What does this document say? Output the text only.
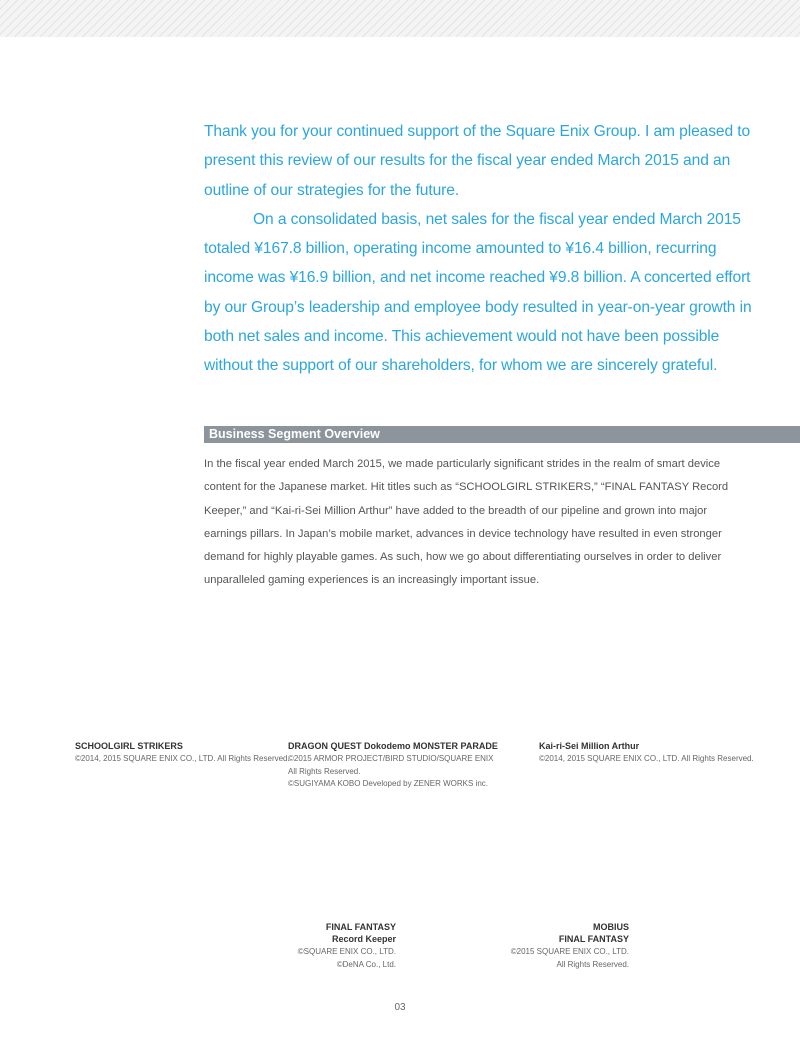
Thank you for your continued support of the Square Enix Group. I am pleased to present this review of our results for the fiscal year ended March 2015 and an outline of our strategies for the future.

On a consolidated basis, net sales for the fiscal year ended March 2015 totaled ¥167.8 billion, operating income amounted to ¥16.4 billion, recurring income was ¥16.9 billion, and net income reached ¥9.8 billion. A concerted effort by our Group’s leadership and employee body resulted in year-on-year growth in both net sales and income. This achievement would not have been possible without the support of our shareholders, for whom we are sincerely grateful.

Business Segment Overview

In the fiscal year ended March 2015, we made particularly significant strides in the realm of smart device content for the Japanese market. Hit titles such as “SCHOOLGIRL STRIKERS,” “FINAL FANTASY Record Keeper,” and “Kai-ri-Sei Million Arthur” have added to the breadth of our pipeline and grown into major earnings pillars. In Japan’s mobile market, advances in device technology have resulted in even stronger demand for highly playable games. As such, how we go about differentiating ourselves in order to deliver unparalleled gaming experiences is an increasingly important issue.

SCHOOLGIRL STRIKERS
©2014, 2015 SQUARE ENIX CO., LTD. All Rights Reserved.
DRAGON QUEST Dokodemo MONSTER PARADE
©2015 ARMOR PROJECT/BIRD STUDIO/SQUARE ENIX
All Rights Reserved.
©SUGIYAMA KOBO Developed by ZENER WORKS inc.
Kai-ri-Sei Million Arthur
©2014, 2015 SQUARE ENIX CO., LTD. All Rights Reserved.
FINAL FANTASY
Record Keeper
©SQUARE ENIX CO., LTD.
©DeNA Co., Ltd.
MOBIUS
FINAL FANTASY
©2015 SQUARE ENIX CO., LTD.
All Rights Reserved.
03
